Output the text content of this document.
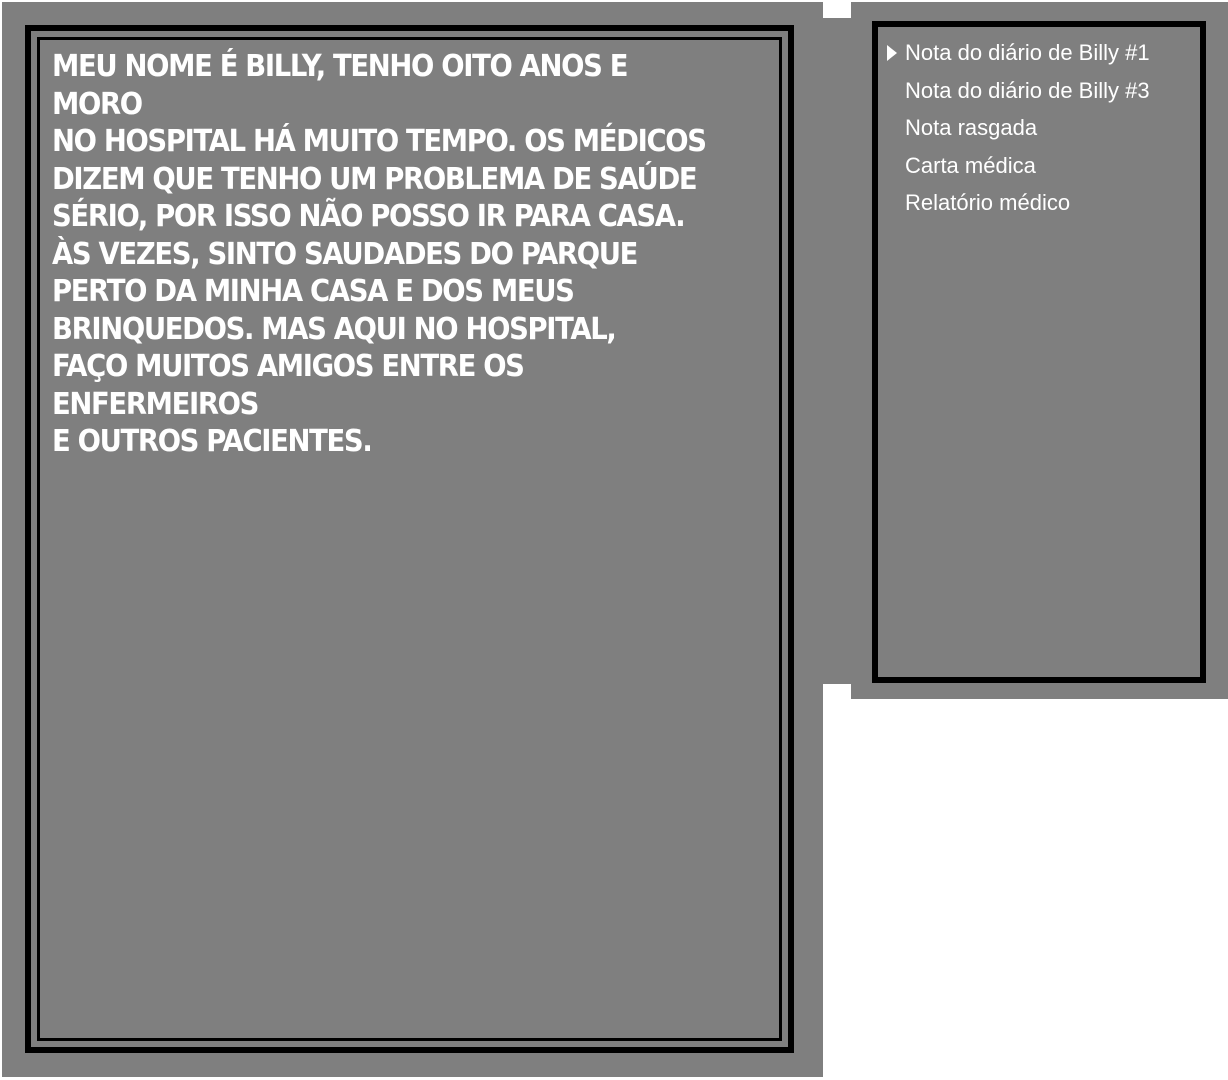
MEU NOME É BILLY, TENHO OITO ANOS E MORO
NO HOSPITAL HÁ MUITO TEMPO. OS MÉDICOS
DIZEM QUE TENHO UM PROBLEMA DE SAÚDE
SÉRIO, POR ISSO NÃO POSSO IR PARA CASA.
ÀS VEZES, SINTO SAUDADES DO PARQUE
PERTO DA MINHA CASA E DOS MEUS
BRINQUEDOS. MAS AQUI NO HOSPITAL,
FAÇO MUITOS AMIGOS ENTRE OS ENFERMEIROS
E OUTROS PACIENTES.

Nota do diário de Billy #1
Nota do diário de Billy #3
Nota rasgada
Carta médica
Relatório médico
